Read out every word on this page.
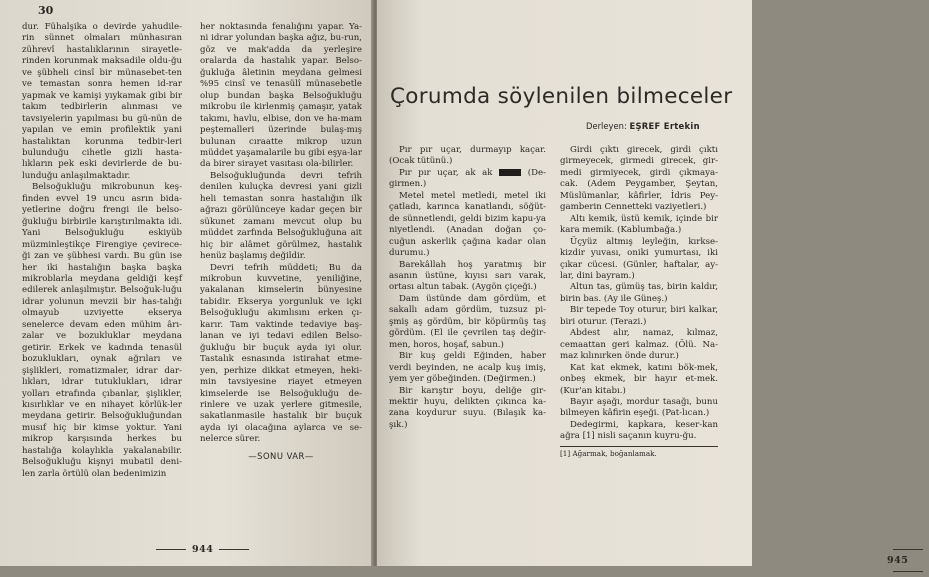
30

dur. Fühalşika o devirde yahudile-rin sünnet olmaları münhasıran zührevî hastalıklarının sirayetle-rinden korunmak maksadile oldu-ğu ve şübheli cinsî bir münasebet-ten ve temastan sonra hemen id-rar yapmak ve kamişi yıykamak gibi bir takım tedbirlerin alınması ve tavsiyelerin yapılması bu gü-nün de yapılan ve emin profilektik yani hastalıktan korunma tedbir-leri bulunduğu cihetle gizli hasta-lıkların pek eski devirlerde de bu-lunduğu anlaşılmaktadır.

Belsoğukluğu mikrobunun keş-finden evvel 19 uncu asrın bida-yetlerine doğru frengi ile belso-ğukluğu birbirile karıştırılmakta idi. Yani Belsoğukluğu eskiyüb müzminleştikçe Firengiye çevirece-ği zan ve şübhesi vardı. Bu gün ise her iki hastalığın başka başka mikroblarla meydana geldiği keşf edilerek anlaşılmıştır. Belsoğuk-luğu idrar yolunun mevzii bir has-talığı olmayub uzviyette ekserya senelerce devam eden mühim ârı-zalar ve bozukluklar meydana getirir. Erkek ve kadında tenasül bozuklukları, oynak ağrıları ve şişlikleri, romatizmaler, idrar dar-lıkları, idrar tutuklukları, idrar yolları etrafında çıbanlar, şişlikler, kısırlıklar ve en nihayet körlük-ler meydana getirir. Belsoğukluğundan musıf hiç bir kimse yoktur. Yani mikrop karşısında herkes bu hastalığa kolaylıkla yakalanabilir. Belsoğukluğu kişnyi mubatil deni-len zarla örtülü olan bedenimizin

her noktasında fenalığını yapar. Ya-ni idrar yolundan başka ağız, bu-run, göz ve mak'adda da yerleşire oralarda da hastalık yapar. Belso-ğukluğa âletinin meydana gelmesi %95 cinsî ve tenasülî münasebetle olup bundan başka Belsoğukluğu mikrobu ile kirlenmiş çamaşır, yatak takımı, havlu, elbise, don ve ha-mam peştemalleri üzerinde bulaş-mış bulunan cıraatte mikrop uzun müddet yaşamalarile bu gibi eşya-lar da birer sirayet vasıtası ola-bilirler.

Belsoğukluğunda devri tefrih denilen kuluçka devresi yani gizli heli temastan sonra hastalığın ilk ağrazı görülünceye kadar geçen bir sükunet zamanı mevcut olup bu müddet zarfında Belsoğukluğuna ait hiç bir alâmet görülmez, hastalık henüz başlamış değildir.

Devri tefrih müddeti; Bu da mikrobun kuvvetine, yeniliğine, yakalanan kimselerin bünyesine tabidir. Ekserya yorgunluk ve içki Belsoğukluğu akımlısını erken çı-karır. Tam vaktinde tedaviye baş-lanan ve iyi tedavi edilen Belso-ğukluğu bir buçuk ayda iyi olur. Tastalık esnasında istirahat etme-yen, perhize dikkat etmeyen, heki-min tavsiyesine riayet etmeyen kimselerde ise Belsoğukluğu de-rinlere ve uzak yerlere gitmesile, sakatlanmasile hastalık bir buçuk ayda iyi olacağına aylarca ve se-nelerce sürer.

—SONU VAR—
944
945
Çorumda söylenilen bilmeceler
Derleyen: EŞREF Ertekin

Pır pır uçar, durmayıp kaçar. (Ocak tütünü.)

Pır pır uçar, ak ak	(De-girmen.)

Metel metel metledi, metel iki çatladı, karınca kanatlandı, söğüt-de sünnetlendi, geldi bizim kapu-ya niyetlendi. (Anadan doğan ço-cuğun askerlik çağına kadar olan durumu.)

Barekâllah hoş yaratmış bir asanın üstüne, kıyısı sarı varak, ortası altun tabak. (Aygön çiçeği.)

Dam üstünde dam gördüm, et sakallı adam gördüm, tuzsuz pi-şmiş aş gördüm, bir köpürmüş taş gördüm. (El ile çevrilen taş değir-men, horos, hoşaf, sabun.)

Bir kuş geldi Eğinden, haber verdi beyinden, ne acalp kuş imiş, yem yer göbeğinden. (Değirmen.)

Bir karıştır boyu, deliğe gir-mektir huyu, delikten çıkınca ka-zana koydurur suyu. (Bılaşık ka-şık.)

Girdi çıktı girecek, girdi çıktı girmeyecek, girmedi girecek, gir-medi girmiyecek, girdi çıkmaya-cak. (Adem Peygamber, Şeytan, Müslümanlar, kâfirler, İdris Pey-gamberin Cennetteki vaziyetleri.)

Altı kemik, üstü kemik, içinde bir kara memik. (Kablumbağa.)

Üçyüz altmış leyleğin, kırkse-kizdir yuvası, oniki yumurtası, iki çıkar cücesi. (Günler, haftalar, ay-lar, dini bayram.)

Altun tas, gümüş tas, birin kaldır, birin bas. (Ay ile Güneş.)

Bir tepede Toy oturur, biri kalkar, biri oturur. (Terazi.)

Abdest alır, namaz, kılmaz, cemaattan geri kalmaz. (Ölü. Na-maz kılınırken önde durur.)

Kat kat ekmek, katını bök-mek, onbeş ekmek, bir hayır et-mek. (Kur'an kitabı.)

Bayır aşağı, mordur tasağı, bunu bilmeyen kâfirin eşeği. (Pat-lıcan.)

Dedegirmi, kapkara, keser-kan ağra [1] nisli saçanın kuyru-ğu.

[1] Ağarmak, boğanlamak.
